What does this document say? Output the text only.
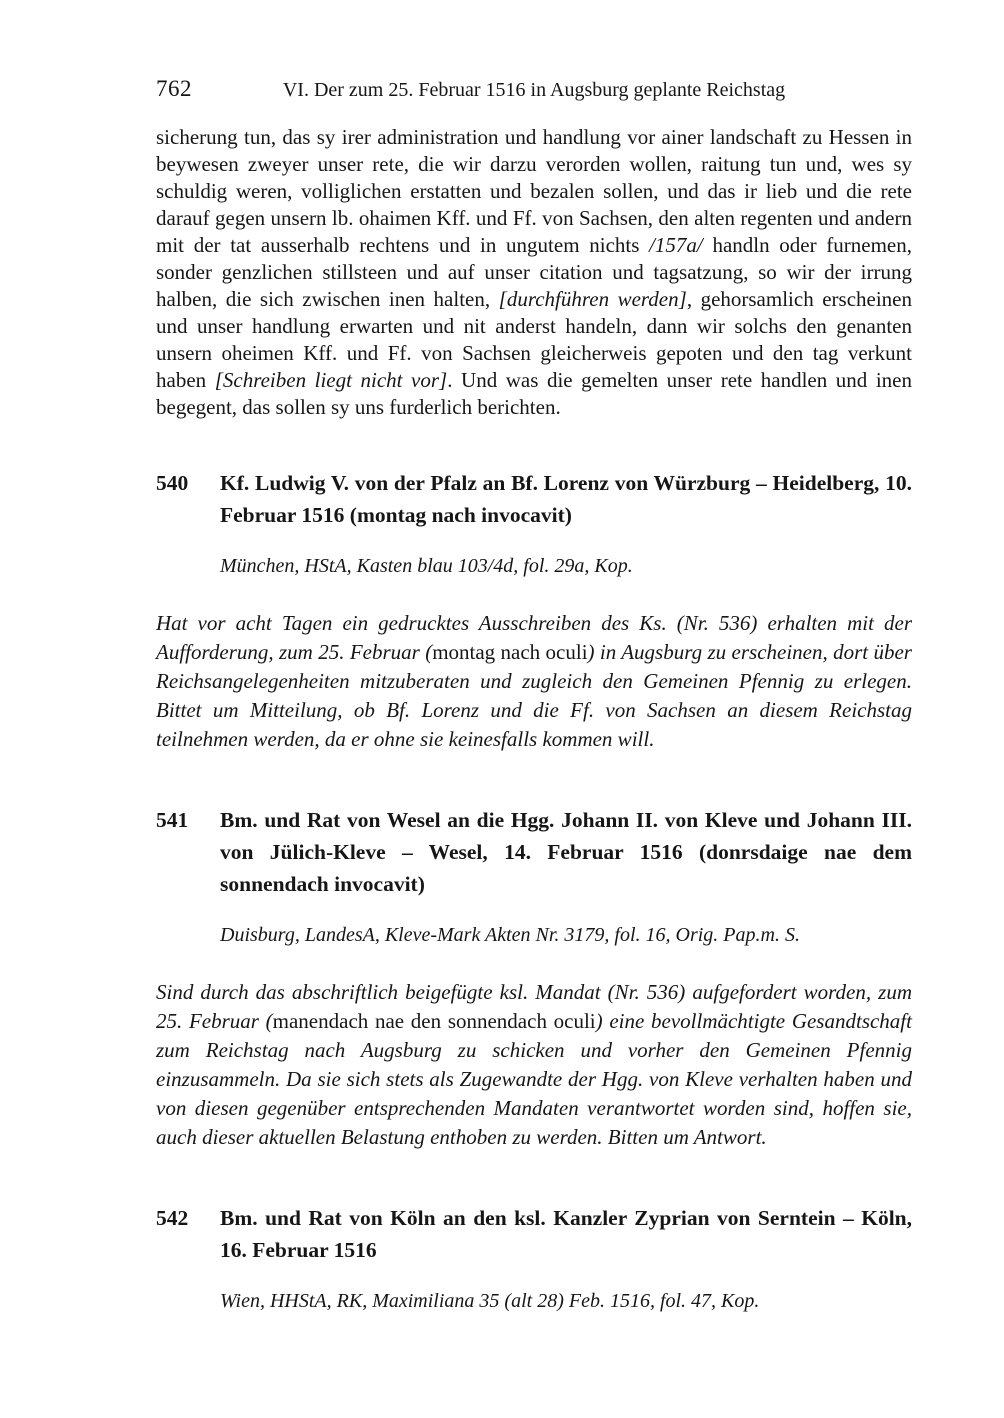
762	VI. Der zum 25. Februar 1516 in Augsburg geplante Reichstag

sicherung tun, das sy irer administration und handlung vor ainer landschaft zu Hessen in beywesen zweyer unser rete, die wir darzu verorden wollen, raitung tun und, wes sy schuldig weren, volliglichen erstatten und bezalen sollen, und das ir lieb und die rete darauf gegen unsern lb. ohaimen Kff. und Ff. von Sachsen, den alten regenten und andern mit der tat ausserhalb rechtens und in ungutem nichts /157a/ handln oder furnemen, sonder genzlichen stillsteen und auf unser citation und tagsatzung, so wir der irrung halben, die sich zwischen inen halten, [durchführen werden], gehorsamlich erscheinen und unser handlung erwarten und nit anderst handeln, dann wir solchs den genanten unsern oheimen Kff. und Ff. von Sachsen gleicherweis gepoten und den tag verkunt haben [Schreiben liegt nicht vor]. Und was die gemelten unser rete handlen und inen begegent, das sollen sy uns furderlich berichten.

540 Kf. Ludwig V. von der Pfalz an Bf. Lorenz von Würzburg – Heidelberg, 10. Februar 1516 (montag nach invocavit)

München, HStA, Kasten blau 103/4d, fol. 29a, Kop.

Hat vor acht Tagen ein gedrucktes Ausschreiben des Ks. (Nr. 536) erhalten mit der Aufforderung, zum 25. Februar (montag nach oculi) in Augsburg zu erscheinen, dort über Reichsangelegenheiten mitzuberaten und zugleich den Gemeinen Pfennig zu erlegen. Bittet um Mitteilung, ob Bf. Lorenz und die Ff. von Sachsen an diesem Reichstag teilnehmen werden, da er ohne sie keinesfalls kommen will.

541 Bm. und Rat von Wesel an die Hgg. Johann II. von Kleve und Johann III. von Jülich-Kleve – Wesel, 14. Februar 1516 (donrsdaige nae dem sonnendach invocavit)

Duisburg, LandesA, Kleve-Mark Akten Nr. 3179, fol. 16, Orig. Pap.m. S.

Sind durch das abschriftlich beigefügte ksl. Mandat (Nr. 536) aufgefordert worden, zum 25. Februar (manendach nae den sonnendach oculi) eine bevollmächtigte Gesandtschaft zum Reichstag nach Augsburg zu schicken und vorher den Gemeinen Pfennig einzusammeln. Da sie sich stets als Zugewandte der Hgg. von Kleve verhalten haben und von diesen gegenüber entsprechenden Mandaten verantwortet worden sind, hoffen sie, auch dieser aktuellen Belastung enthoben zu werden. Bitten um Antwort.

542 Bm. und Rat von Köln an den ksl. Kanzler Zyprian von Serntein – Köln, 16. Februar 1516

Wien, HHStA, RK, Maximiliana 35 (alt 28) Feb. 1516, fol. 47, Kop.
